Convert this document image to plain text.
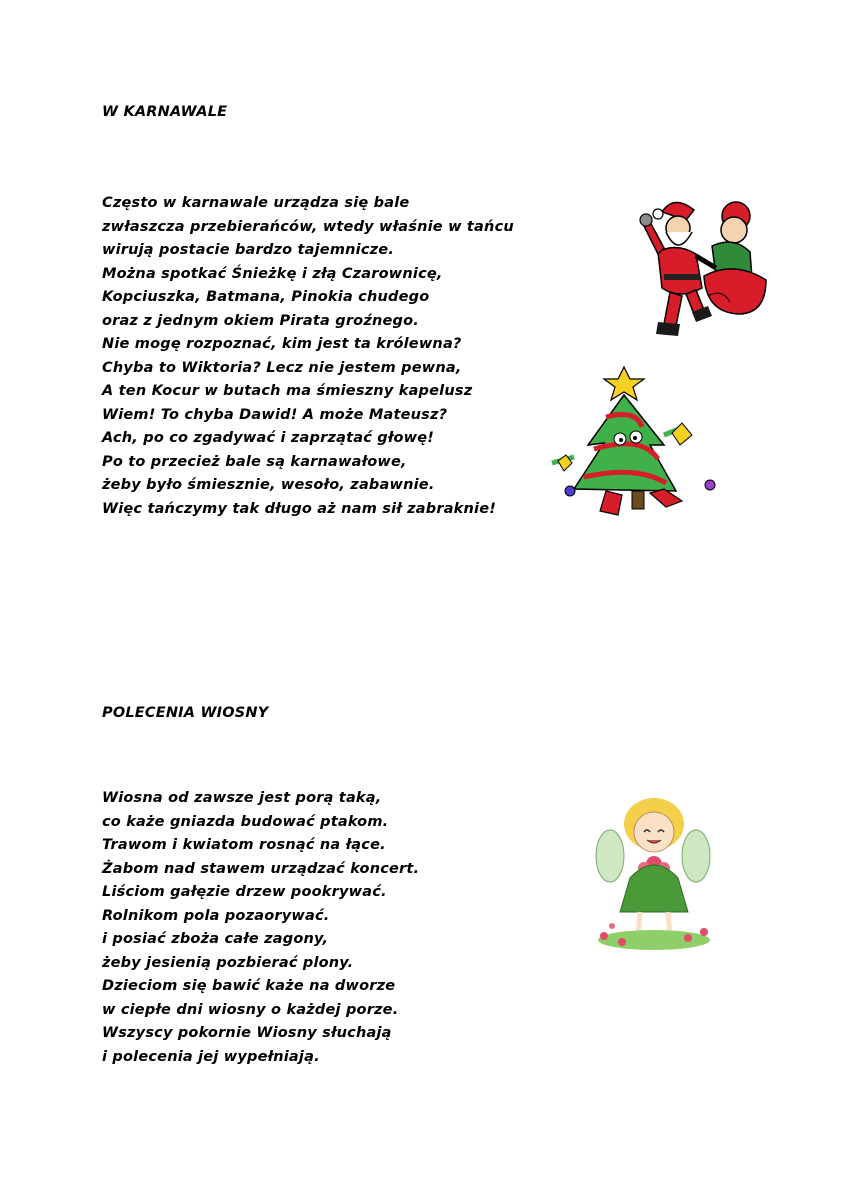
W KARNAWALE
Często w karnawale urządza się bale
zwłaszcza przebierańców, wtedy właśnie w tańcu
wirują postacie bardzo tajemnicze.
Można spotkać Śnieżkę i złą Czarownicę,
Kopciuszka, Batmana, Pinokia chudego
oraz z jednym okiem Pirata groźnego.
Nie mogę rozpoznać, kim jest ta królewna?
Chyba to Wiktoria? Lecz nie jestem pewna,
A ten Kocur w butach ma śmieszny kapelusz
Wiem! To chyba Dawid! A może Mateusz?
Ach, po co zgadywać i zaprzątać głowę!
Po to przecież bale są karnawałowe,
żeby było śmiesznie, wesoło, zabawnie.
Więc tańczymy tak długo aż nam sił zabraknie!
POLECENIA WIOSNY
Wiosna od zawsze jest porą taką,
co każe gniazda budować ptakom.
Trawom i kwiatom rosnąć na łące.
Żabom nad stawem urządzać koncert.
Liściom gałęzie drzew pookrywać.
Rolnikom pola pozaorywać.
i posiać zboża całe zagony,
żeby jesienią pozbierać plony.
Dzieciom się bawić każe na dworze
w ciepłe dni wiosny o każdej porze.
Wszyscy pokornie Wiosny słuchają
i polecenia jej wypełniają.
